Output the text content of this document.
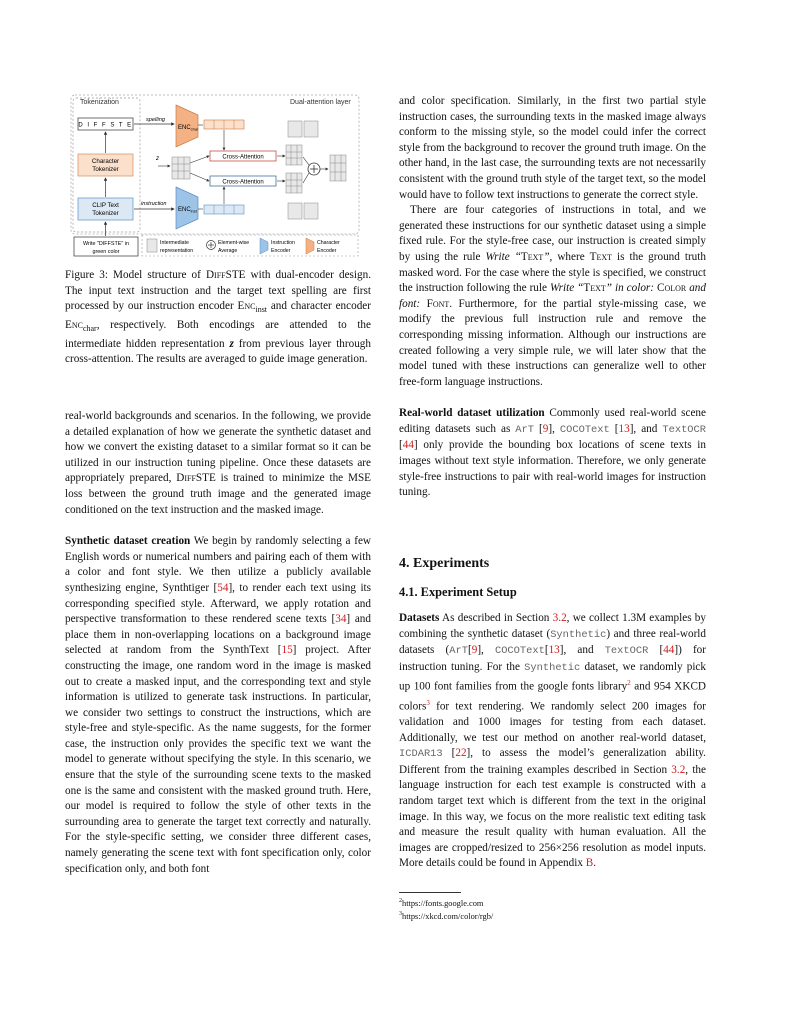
Tokenization	Dual-attention layer
D I F F S T E
Character
Tokenizer
CLIP Text
Tokenizer
Write "DIFFSTE" in
green color
spelling
instruction
$ENC_{char}$
$ENC_{inst}$
z	Cross-Attention
Cross-Attention
Intermediate
representation
Element-wise
Average
Instruction
Encoder
Character
Encoder
Figure 3: Model structure of DiffSTE with dual-encoder design. The input text instruction and the target text spelling are first processed by our instruction encoder Enc$_{inst}$ and character encoder Enc$_{char}$, respectively. Both encodings are attended to the intermediate hidden representation z from previous layer through cross-attention. The results are averaged to guide image generation.

real-world backgrounds and scenarios. In the following, we provide a detailed explanation of how we generate the synthetic dataset and how we convert the existing dataset to a similar format so it can be utilized in our instruction tuning pipeline. Once these datasets are appropriately prepared, DiffSTE is trained to minimize the MSE loss between the ground truth image and the generated image conditioned on the text instruction and the masked image.

Synthetic dataset creation We begin by randomly selecting a few English words or numerical numbers and pairing each of them with a color and font style. We then utilize a publicly available synthesizing engine, Synthtiger [54], to render each text using its corresponding specified style. Afterward, we apply rotation and perspective transformation to these rendered scene texts [34] and place them in non-overlapping locations on a background image selected at random from the SynthText [15] project. After constructing the image, one random word in the image is masked out to create a masked input, and the corresponding text and style information is utilized to generate task instructions. In particular, we consider two settings to construct the instructions, which are style-free and style-specific. As the name suggests, for the former case, the instruction only provides the specific text we want the model to generate without specifying the style. In this scenario, we ensure that the style of the surrounding scene texts to the masked one is the same and consistent with the masked ground truth. Here, our model is required to follow the style of other texts in the surrounding area to generate the target text correctly and naturally. For the style-specific setting, we consider three different cases, namely generating the scene text with font specification only, color specification only, and both font

and color specification. Similarly, in the first two partial style instruction cases, the surrounding texts in the masked image always conform to the missing style, so the model could infer the correct style from the background to recover the ground truth image. On the other hand, in the last case, the surrounding texts are not necessarily consistent with the ground truth style of the target text, so the model would have to follow text instructions to generate the correct style.

There are four categories of instructions in total, and we generated these instructions for our synthetic dataset using a simple fixed rule. For the style-free case, our instruction is created simply by using the rule Write “Text”, where Text is the ground truth masked word. For the case where the style is specified, we construct the instruction following the rule Write “Text” in color: Color and font: Font. Furthermore, for the partial style-missing case, we modify the previous full instruction rule and remove the corresponding missing information. Although our instructions are created following a very simple rule, we will later show that the model tuned with these instructions can generalize well to other free-form language instructions.

Real-world dataset utilization Commonly used real-world scene editing datasets such as ArT [9], COCOText [13], and TextOCR [44] only provide the bounding box locations of scene texts in images without text style information. Therefore, we only generate style-free instructions to pair with real-world images for instruction tuning.

4. Experiments
4.1. Experiment Setup

Datasets As described in Section 3.2, we collect 1.3M examples by combining the synthetic dataset (Synthetic) and three real-world datasets (ArT[9], COCOText[13], and TextOCR [44]) for instruction tuning. For the Synthetic dataset, we randomly pick up 100 font families from the google fonts library$^2$ and 954 XKCD colors$^3$ for text rendering. We randomly select 200 images for validation and 1000 images for testing from each dataset. Additionally, we test our method on another real-world dataset, ICDAR13 [22], to assess the model’s generalization ability. Different from the training examples described in Section 3.2, the language instruction for each test example is constructed with a random target text which is different from the text in the original image. In this way, we focus on the more realistic text editing task and measure the result quality with human evaluation. All the images are cropped/resized to 256×256 resolution as model inputs. More details could be found in Appendix B.

$^2$https://fonts.google.com
$^3$https://xkcd.com/color/rgb/
